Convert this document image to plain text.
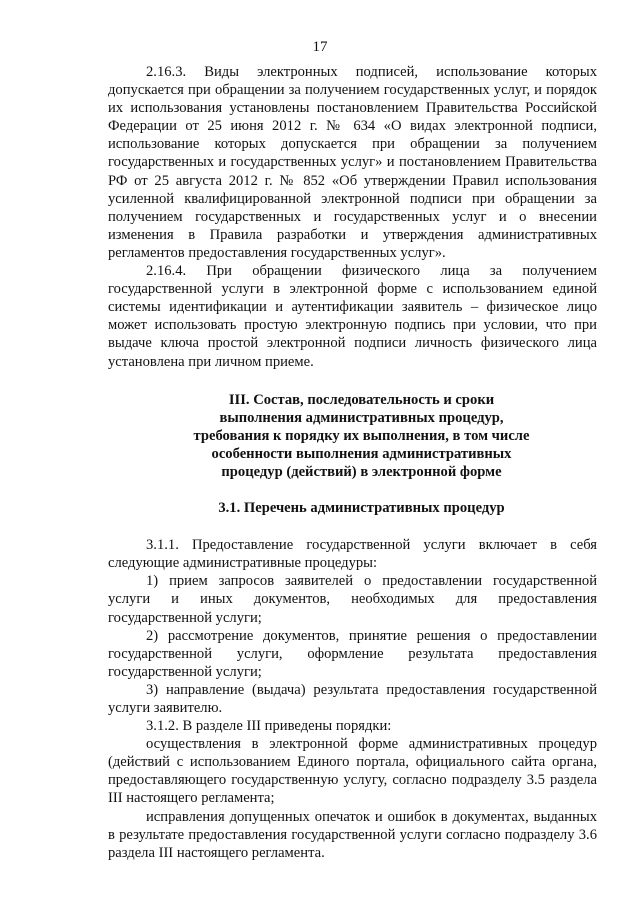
17

2.16.3. Виды электронных подписей, использование которых допускается при обращении за получением государственных услуг, и порядок их использования установлены постановлением Правительства Российской Федерации от 25 июня 2012 г. № 634 «О видах электронной подписи, использование которых допускается при обращении за получением государственных и государственных услуг» и постановлением Правительства РФ от 25 августа 2012 г. № 852 «Об утверждении Правил использования усиленной квалифицированной электронной подписи при обращении за получением государственных и государственных услуг и о внесении изменения в Правила разработки и утверждения административных регламентов предоставления государственных услуг».

2.16.4. При обращении физического лица за получением государственной услуги в электронной форме с использованием единой системы идентификации и аутентификации заявитель – физическое лицо может использовать простую электронную подпись при условии, что при выдаче ключа простой электронной подписи личность физического лица установлена при личном приеме.

III. Состав, последовательность и сроки
выполнения административных процедур,
требования к порядку их выполнения, в том числе
особенности выполнения административных
процедур (действий) в электронной форме
3.1. Перечень административных процедур

3.1.1. Предоставление государственной услуги включает в себя следующие административные процедуры:

1) прием запросов заявителей о предоставлении государственной услуги и иных документов, необходимых для предоставления государственной услуги;

2) рассмотрение документов, принятие решения о предоставлении государственной услуги, оформление результата предоставления государственной услуги;

3) направление (выдача) результата предоставления государственной услуги заявителю.

3.1.2. В разделе III приведены порядки:

осуществления в электронной форме административных процедур (действий с использованием Единого портала, официального сайта органа, предоставляющего государственную услугу, согласно подразделу 3.5 раздела III настоящего регламента;

исправления допущенных опечаток и ошибок в документах, выданных в результате предоставления государственной услуги согласно подразделу 3.6 раздела III настоящего регламента.
